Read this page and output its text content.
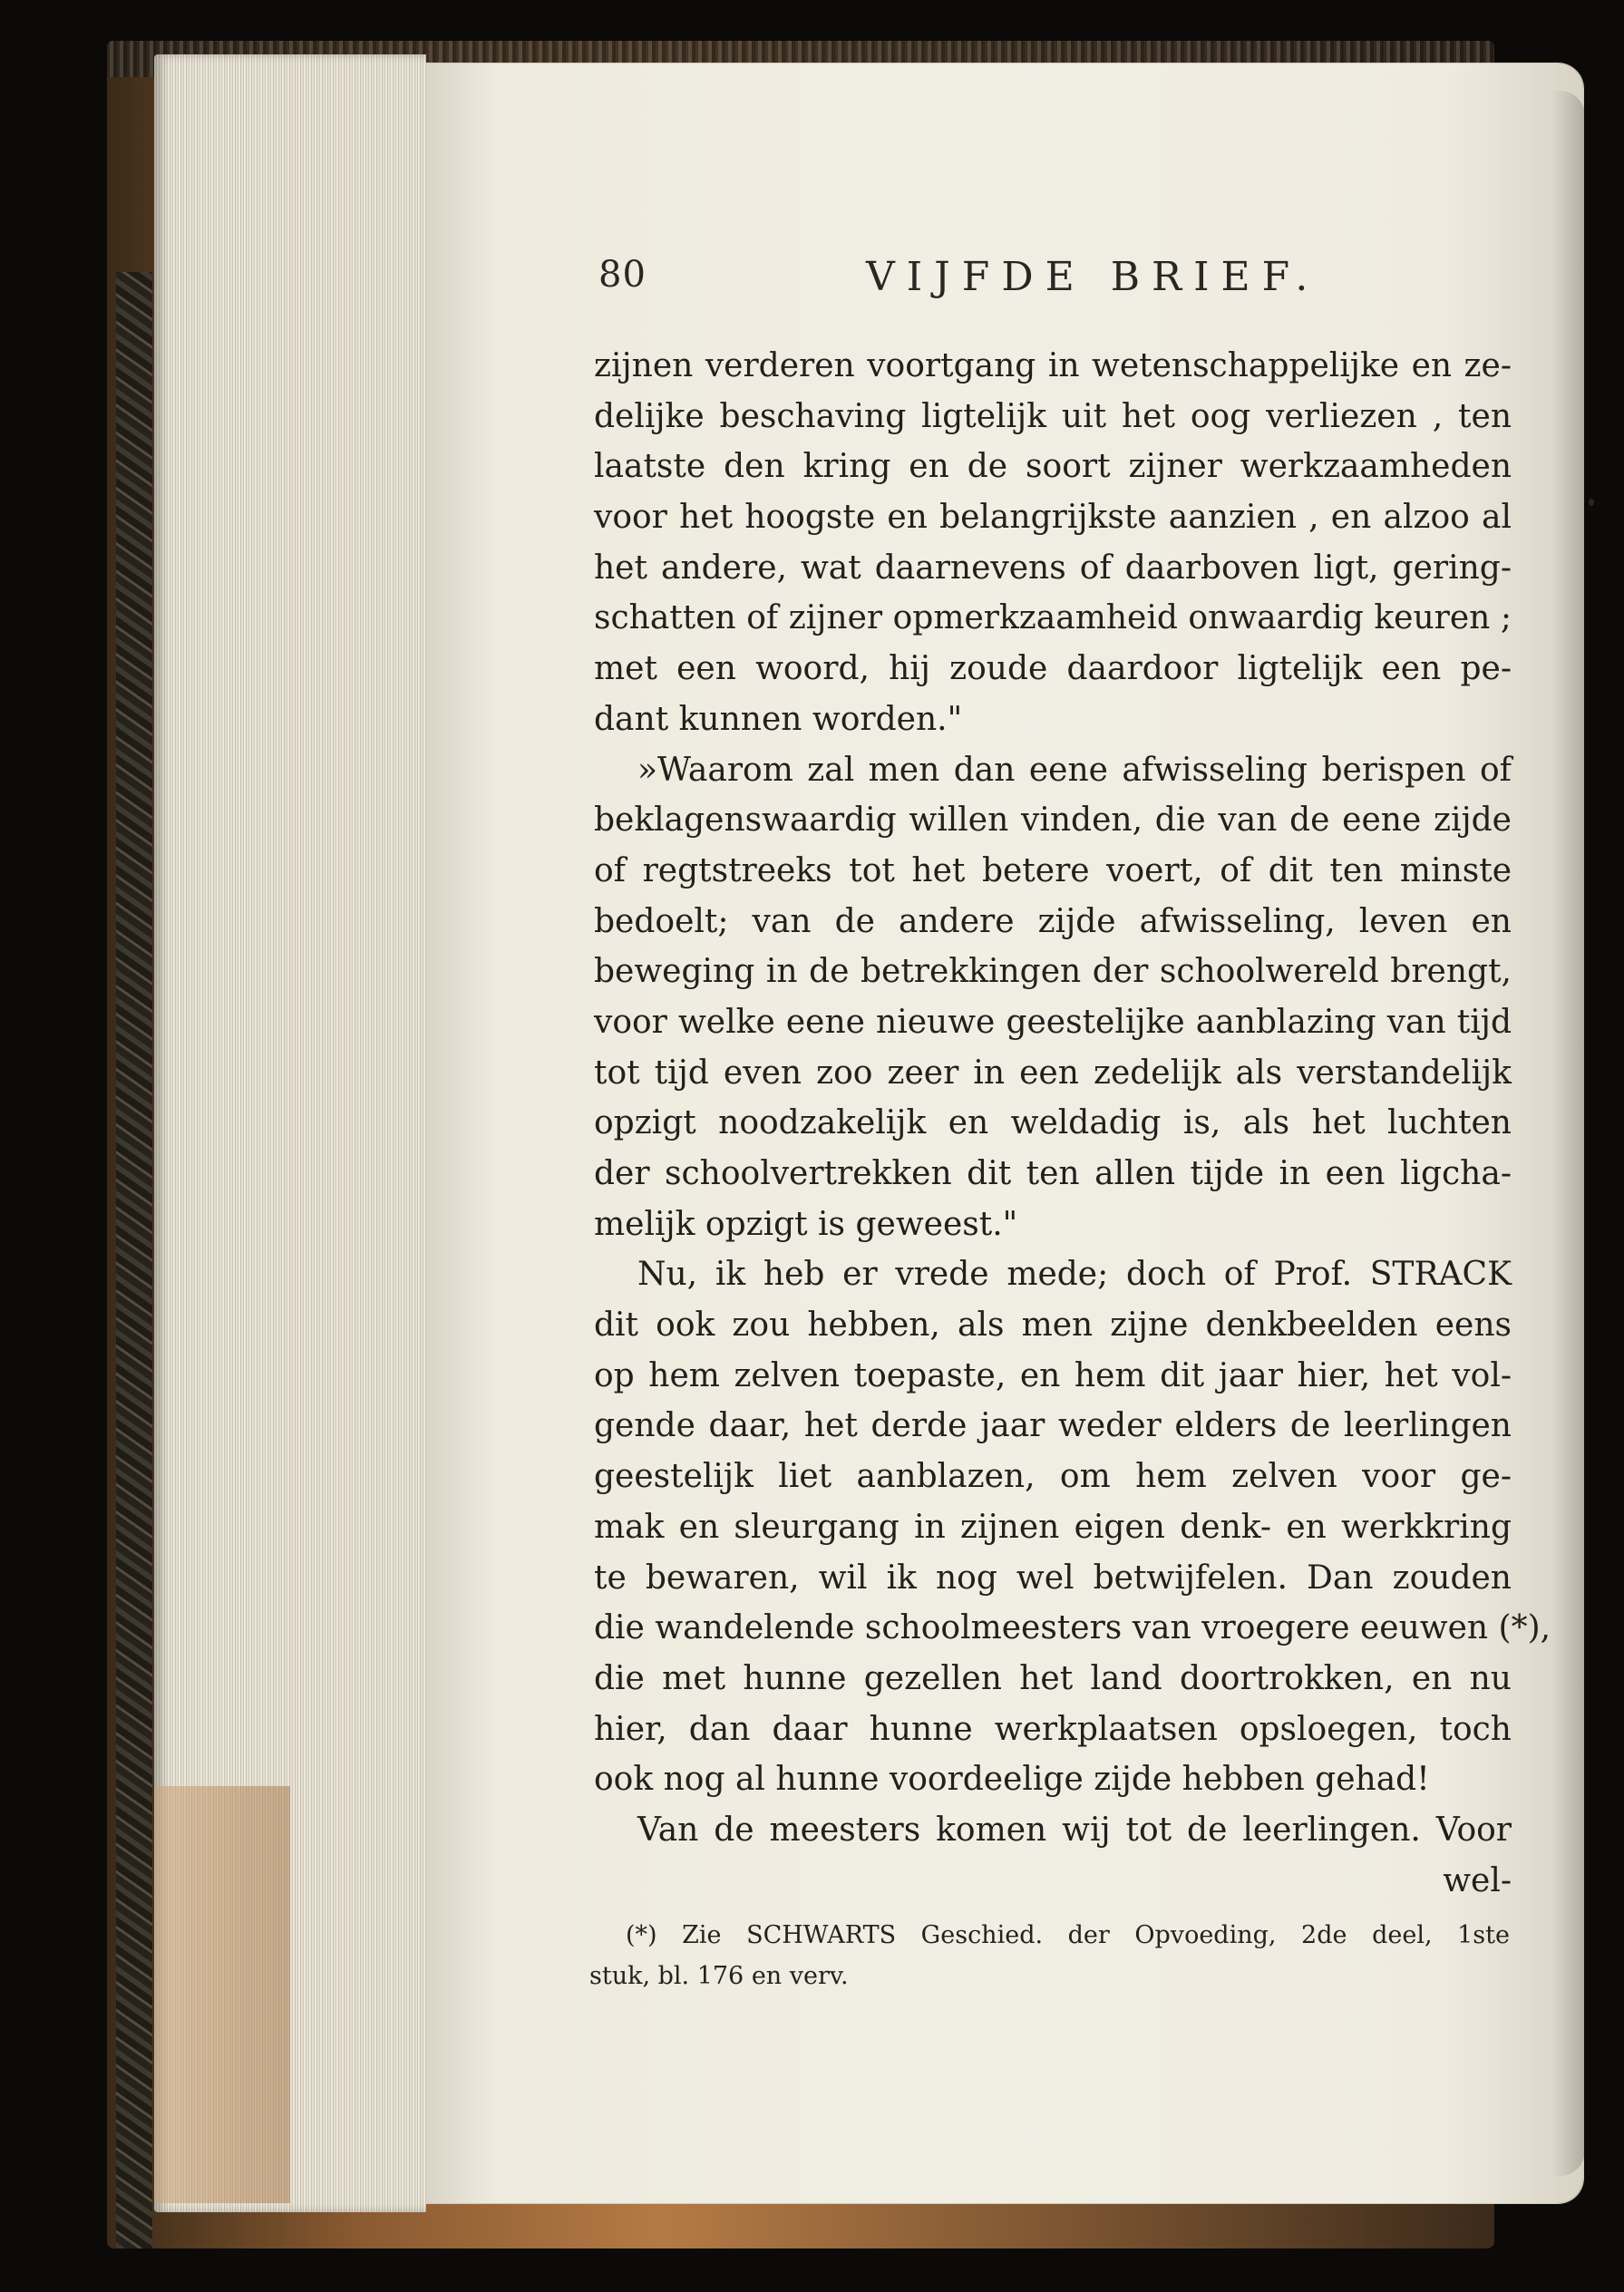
80	VIJFDE BRIEF.
zijnen verderen voortgang in wetenschappelijke en ze-
delijke beschaving ligtelijk uit het oog verliezen , ten
laatste den kring en de soort zijner werkzaamheden
voor het hoogste en belangrijkste aanzien , en alzoo al
het andere, wat daarnevens of daarboven ligt, gering-
schatten of zijner opmerkzaamheid onwaardig keuren ;
met een woord, hij zoude daardoor ligtelijk een pe-
dant kunnen worden."
»Waarom zal men dan eene afwisseling berispen of
beklagenswaardig willen vinden, die van de eene zijde
of regtstreeks tot het betere voert, of dit ten minste
bedoelt; van de andere zijde afwisseling, leven en
beweging in de betrekkingen der schoolwereld brengt,
voor welke eene nieuwe geestelijke aanblazing van tijd
tot tijd even zoo zeer in een zedelijk als verstandelijk
opzigt noodzakelijk en weldadig is, als het luchten
der schoolvertrekken dit ten allen tijde in een ligcha-
melijk opzigt is geweest."
Nu, ik heb er vrede mede; doch of Prof. STRACK
dit ook zou hebben, als men zijne denkbeelden eens
op hem zelven toepaste, en hem dit jaar hier, het vol-
gende daar, het derde jaar weder elders de leerlingen
geestelijk liet aanblazen, om hem zelven voor ge-
mak en sleurgang in zijnen eigen denk- en werkkring
te bewaren, wil ik nog wel betwijfelen. Dan zouden
die wandelende schoolmeesters van vroegere eeuwen (*),
die met hunne gezellen het land doortrokken, en nu
hier, dan daar hunne werkplaatsen opsloegen, toch
ook nog al hunne voordeelige zijde hebben gehad!
Van de meesters komen wij tot de leerlingen. Voor
wel-
(*) Zie SCHWARTS Geschied. der Opvoeding, 2de deel, 1ste
stuk, bl. 176 en verv.
